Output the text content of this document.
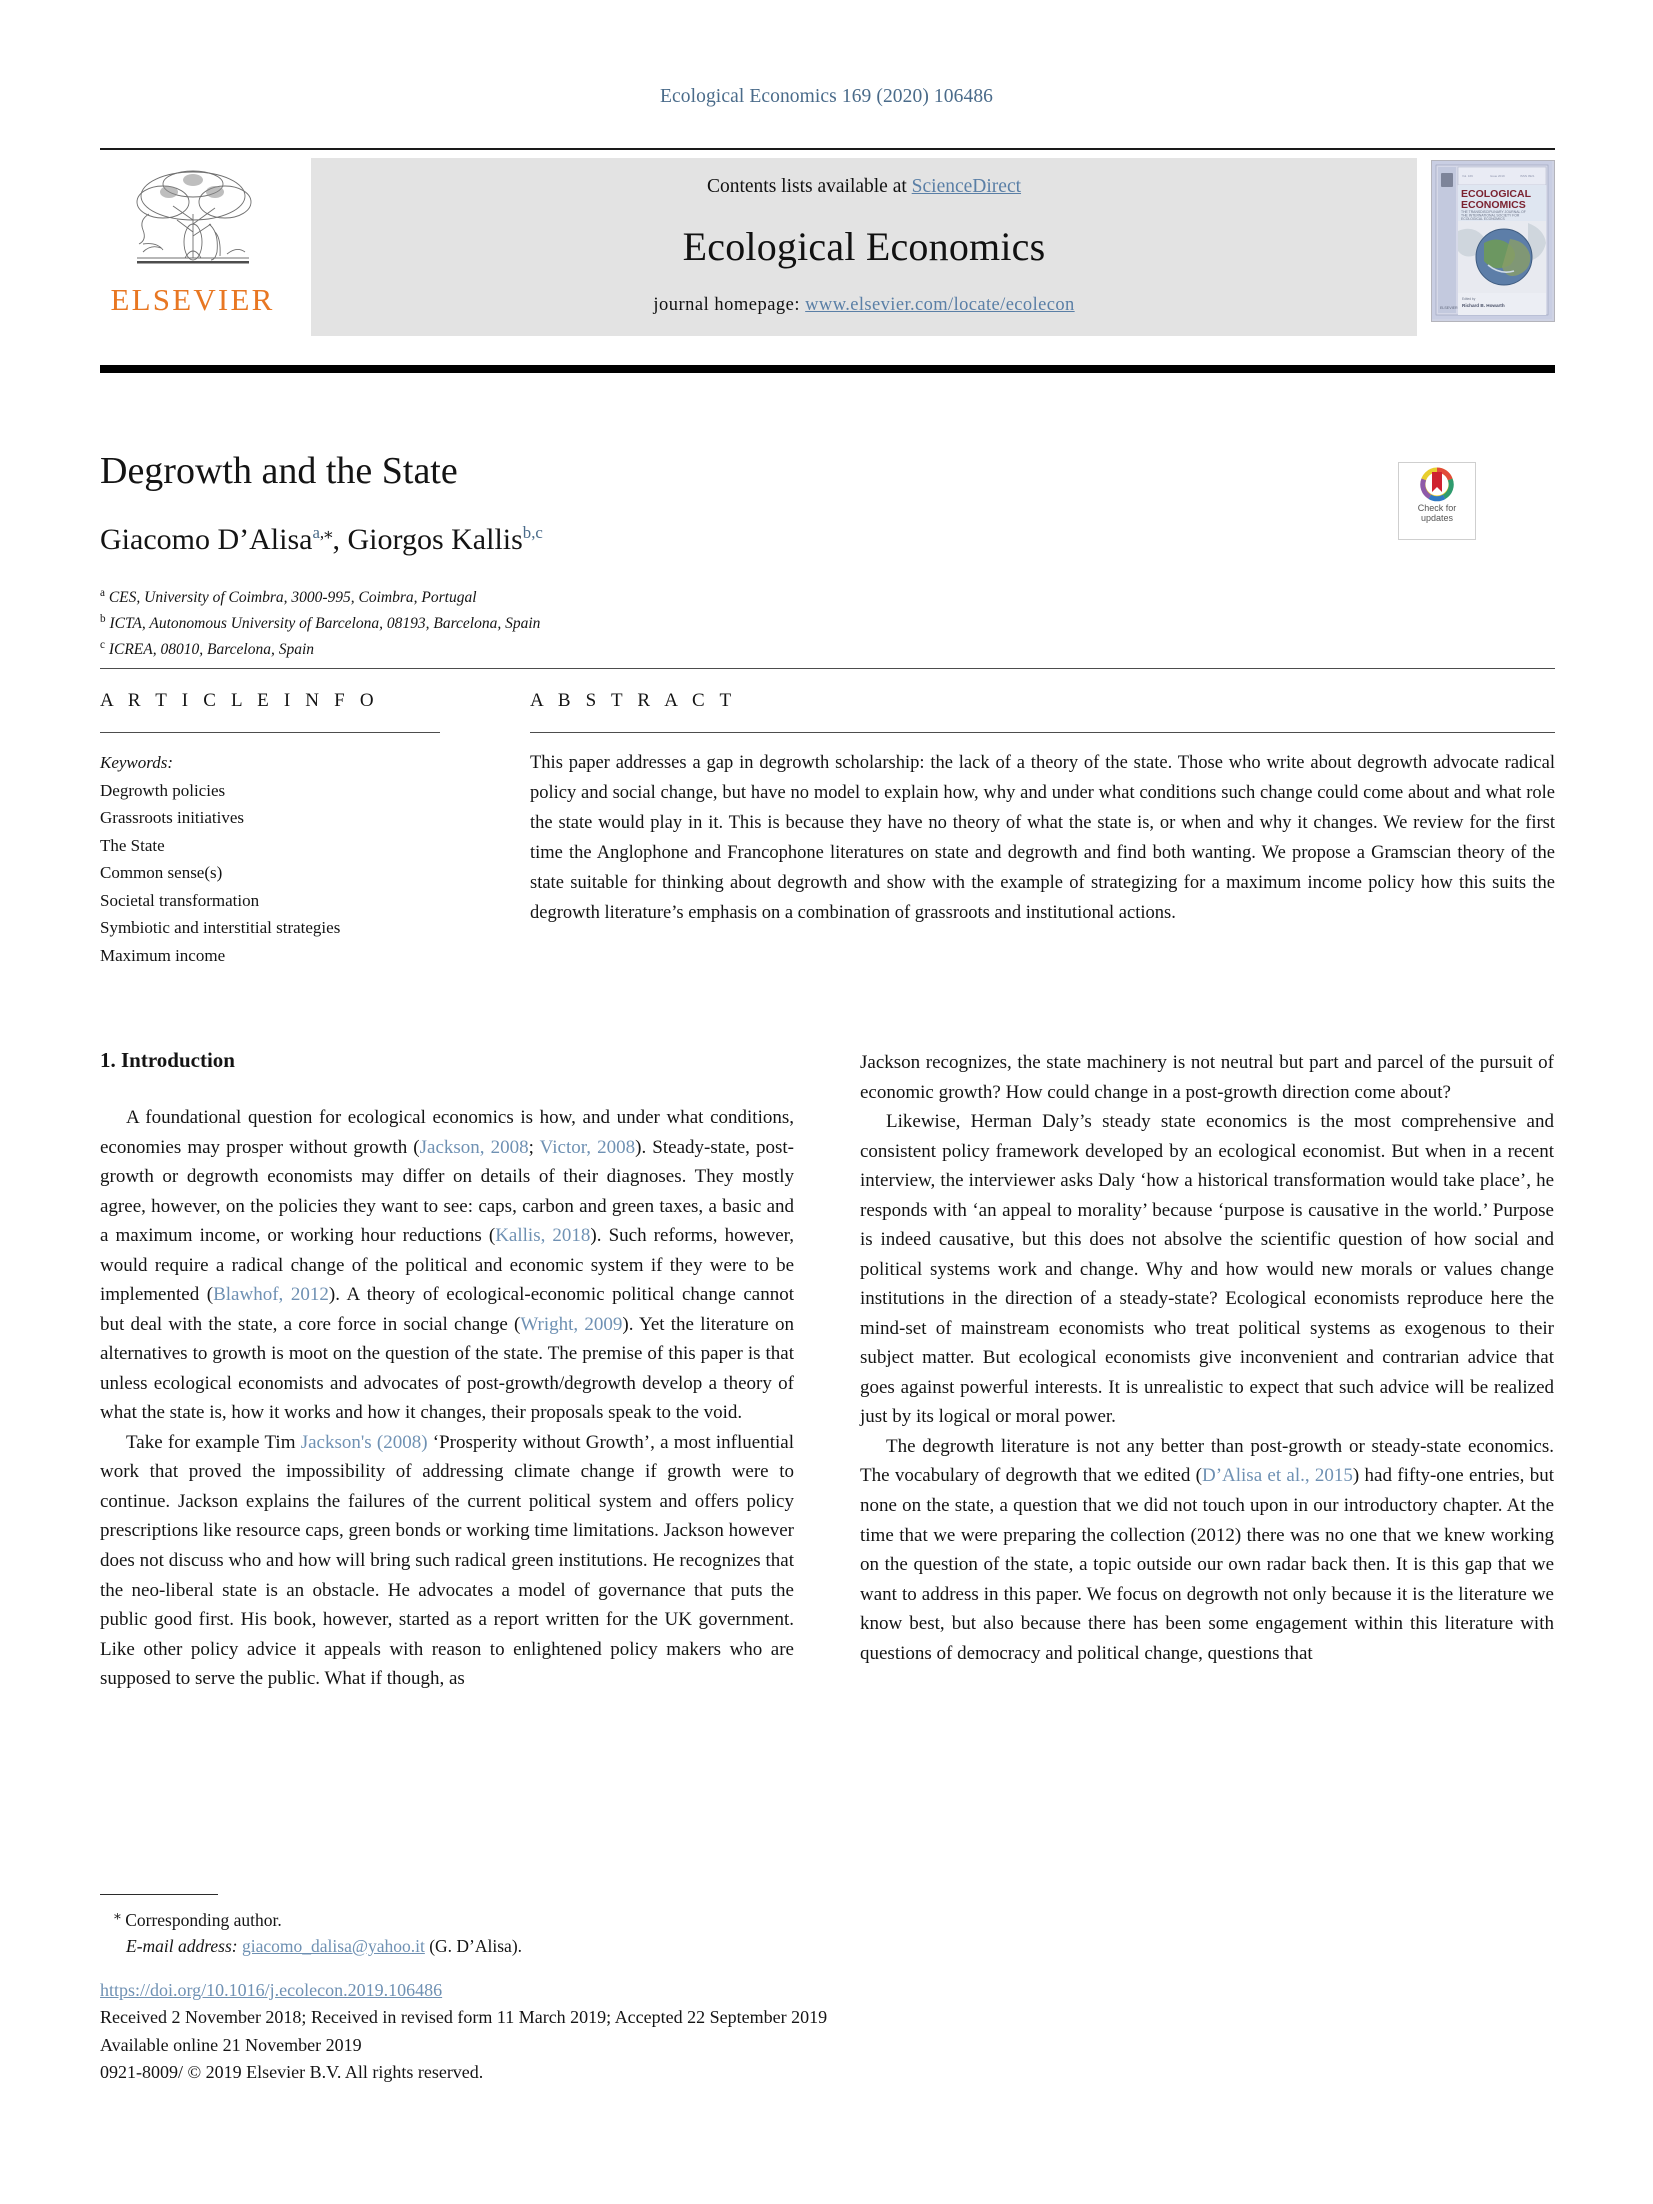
Ecological Economics 169 (2020) 106486
ELSEVIER
Contents lists available at ScienceDirect
Ecological Economics
journal homepage: www.elsevier.com/locate/ecolecon
Vol. 169	Issue 2019	ISSN 0921
ECOLOGICAL
ECONOMICS
THE TRANSDISCIPLINARY JOURNAL OF
THE INTERNATIONAL SOCIETY FOR
ECOLOGICAL ECONOMICS
Edited by
Richard B. Howarth
ELSEVIER
Degrowth and the State
Giacomo D’Alisa$^{a,⁎}$, Giorgos Kallis$^{b,c}$
$^a$ CES, University of Coimbra, 3000-995, Coimbra, Portugal
$^b$ ICTA, Autonomous University of Barcelona, 08193, Barcelona, Spain
$^c$ ICREA, 08010, Barcelona, Spain
Check for
updates
A R T I C L E I N F O
Keywords:
Degrowth policies
Grassroots initiatives
The State
Common sense(s)
Societal transformation
Symbiotic and interstitial strategies
Maximum income
A B S T R A C T
This paper addresses a gap in degrowth scholarship: the lack of a theory of the state. Those who write about degrowth advocate radical policy and social change, but have no model to explain how, why and under what conditions such change could come about and what role the state would play in it. This is because they have no theory of what the state is, or when and why it changes. We review for the first time the Anglophone and Francophone literatures on state and degrowth and find both wanting. We propose a Gramscian theory of the state suitable for thinking about degrowth and show with the example of strategizing for a maximum income policy how this suits the degrowth literature’s emphasis on a combination of grassroots and institutional actions.
1. Introduction
A foundational question for ecological economics is how, and under what conditions, economies may prosper without growth (Jackson, 2008; Victor, 2008). Steady-state, post-growth or degrowth economists may differ on details of their diagnoses. They mostly agree, however, on the policies they want to see: caps, carbon and green taxes, a basic and a maximum income, or working hour reductions (Kallis, 2018). Such reforms, however, would require a radical change of the political and economic system if they were to be implemented (Blawhof, 2012). A theory of ecological-economic political change cannot but deal with the state, a core force in social change (Wright, 2009). Yet the literature on alternatives to growth is moot on the question of the state. The premise of this paper is that unless ecological economists and advocates of post-growth/degrowth develop a theory of what the state is, how it works and how it changes, their proposals speak to the void.
Take for example Tim Jackson's (2008) ‘Prosperity without Growth’, a most influential work that proved the impossibility of addressing climate change if growth were to continue. Jackson explains the failures of the current political system and offers policy prescriptions like resource caps, green bonds or working time limitations. Jackson however does not discuss who and how will bring such radical green institutions. He recognizes that the neo-liberal state is an obstacle. He advocates a model of governance that puts the public good first. His book, however, started as a report written for the UK government. Like other policy advice it appeals with reason to enlightened policy makers who are supposed to serve the public. What if though, as
Jackson recognizes, the state machinery is not neutral but part and parcel of the pursuit of economic growth? How could change in a post-growth direction come about?
Likewise, Herman Daly’s steady state economics is the most comprehensive and consistent policy framework developed by an ecological economist. But when in a recent interview, the interviewer asks Daly ‘how a historical transformation would take place’, he responds with ‘an appeal to morality’ because ‘purpose is causative in the world.’ Purpose is indeed causative, but this does not absolve the scientific question of how social and political systems work and change. Why and how would new morals or values change institutions in the direction of a steady-state? Ecological economists reproduce here the mind-set of mainstream economists who treat political systems as exogenous to their subject matter. But ecological economists give inconvenient and contrarian advice that goes against powerful interests. It is unrealistic to expect that such advice will be realized just by its logical or moral power.
The degrowth literature is not any better than post-growth or steady-state economics. The vocabulary of degrowth that we edited (D’Alisa et al., 2015) had fifty-one entries, but none on the state, a question that we did not touch upon in our introductory chapter. At the time that we were preparing the collection (2012) there was no one that we knew working on the question of the state, a topic outside our own radar back then. It is this gap that we want to address in this paper. We focus on degrowth not only because it is the literature we know best, but also because there has been some engagement within this literature with questions of democracy and political change, questions that
⁎ Corresponding author.
E-mail address: giacomo_dalisa@yahoo.it (G. D’Alisa).
https://doi.org/10.1016/j.ecolecon.2019.106486
Received 2 November 2018; Received in revised form 11 March 2019; Accepted 22 September 2019
Available online 21 November 2019
0921-8009/ © 2019 Elsevier B.V. All rights reserved.
